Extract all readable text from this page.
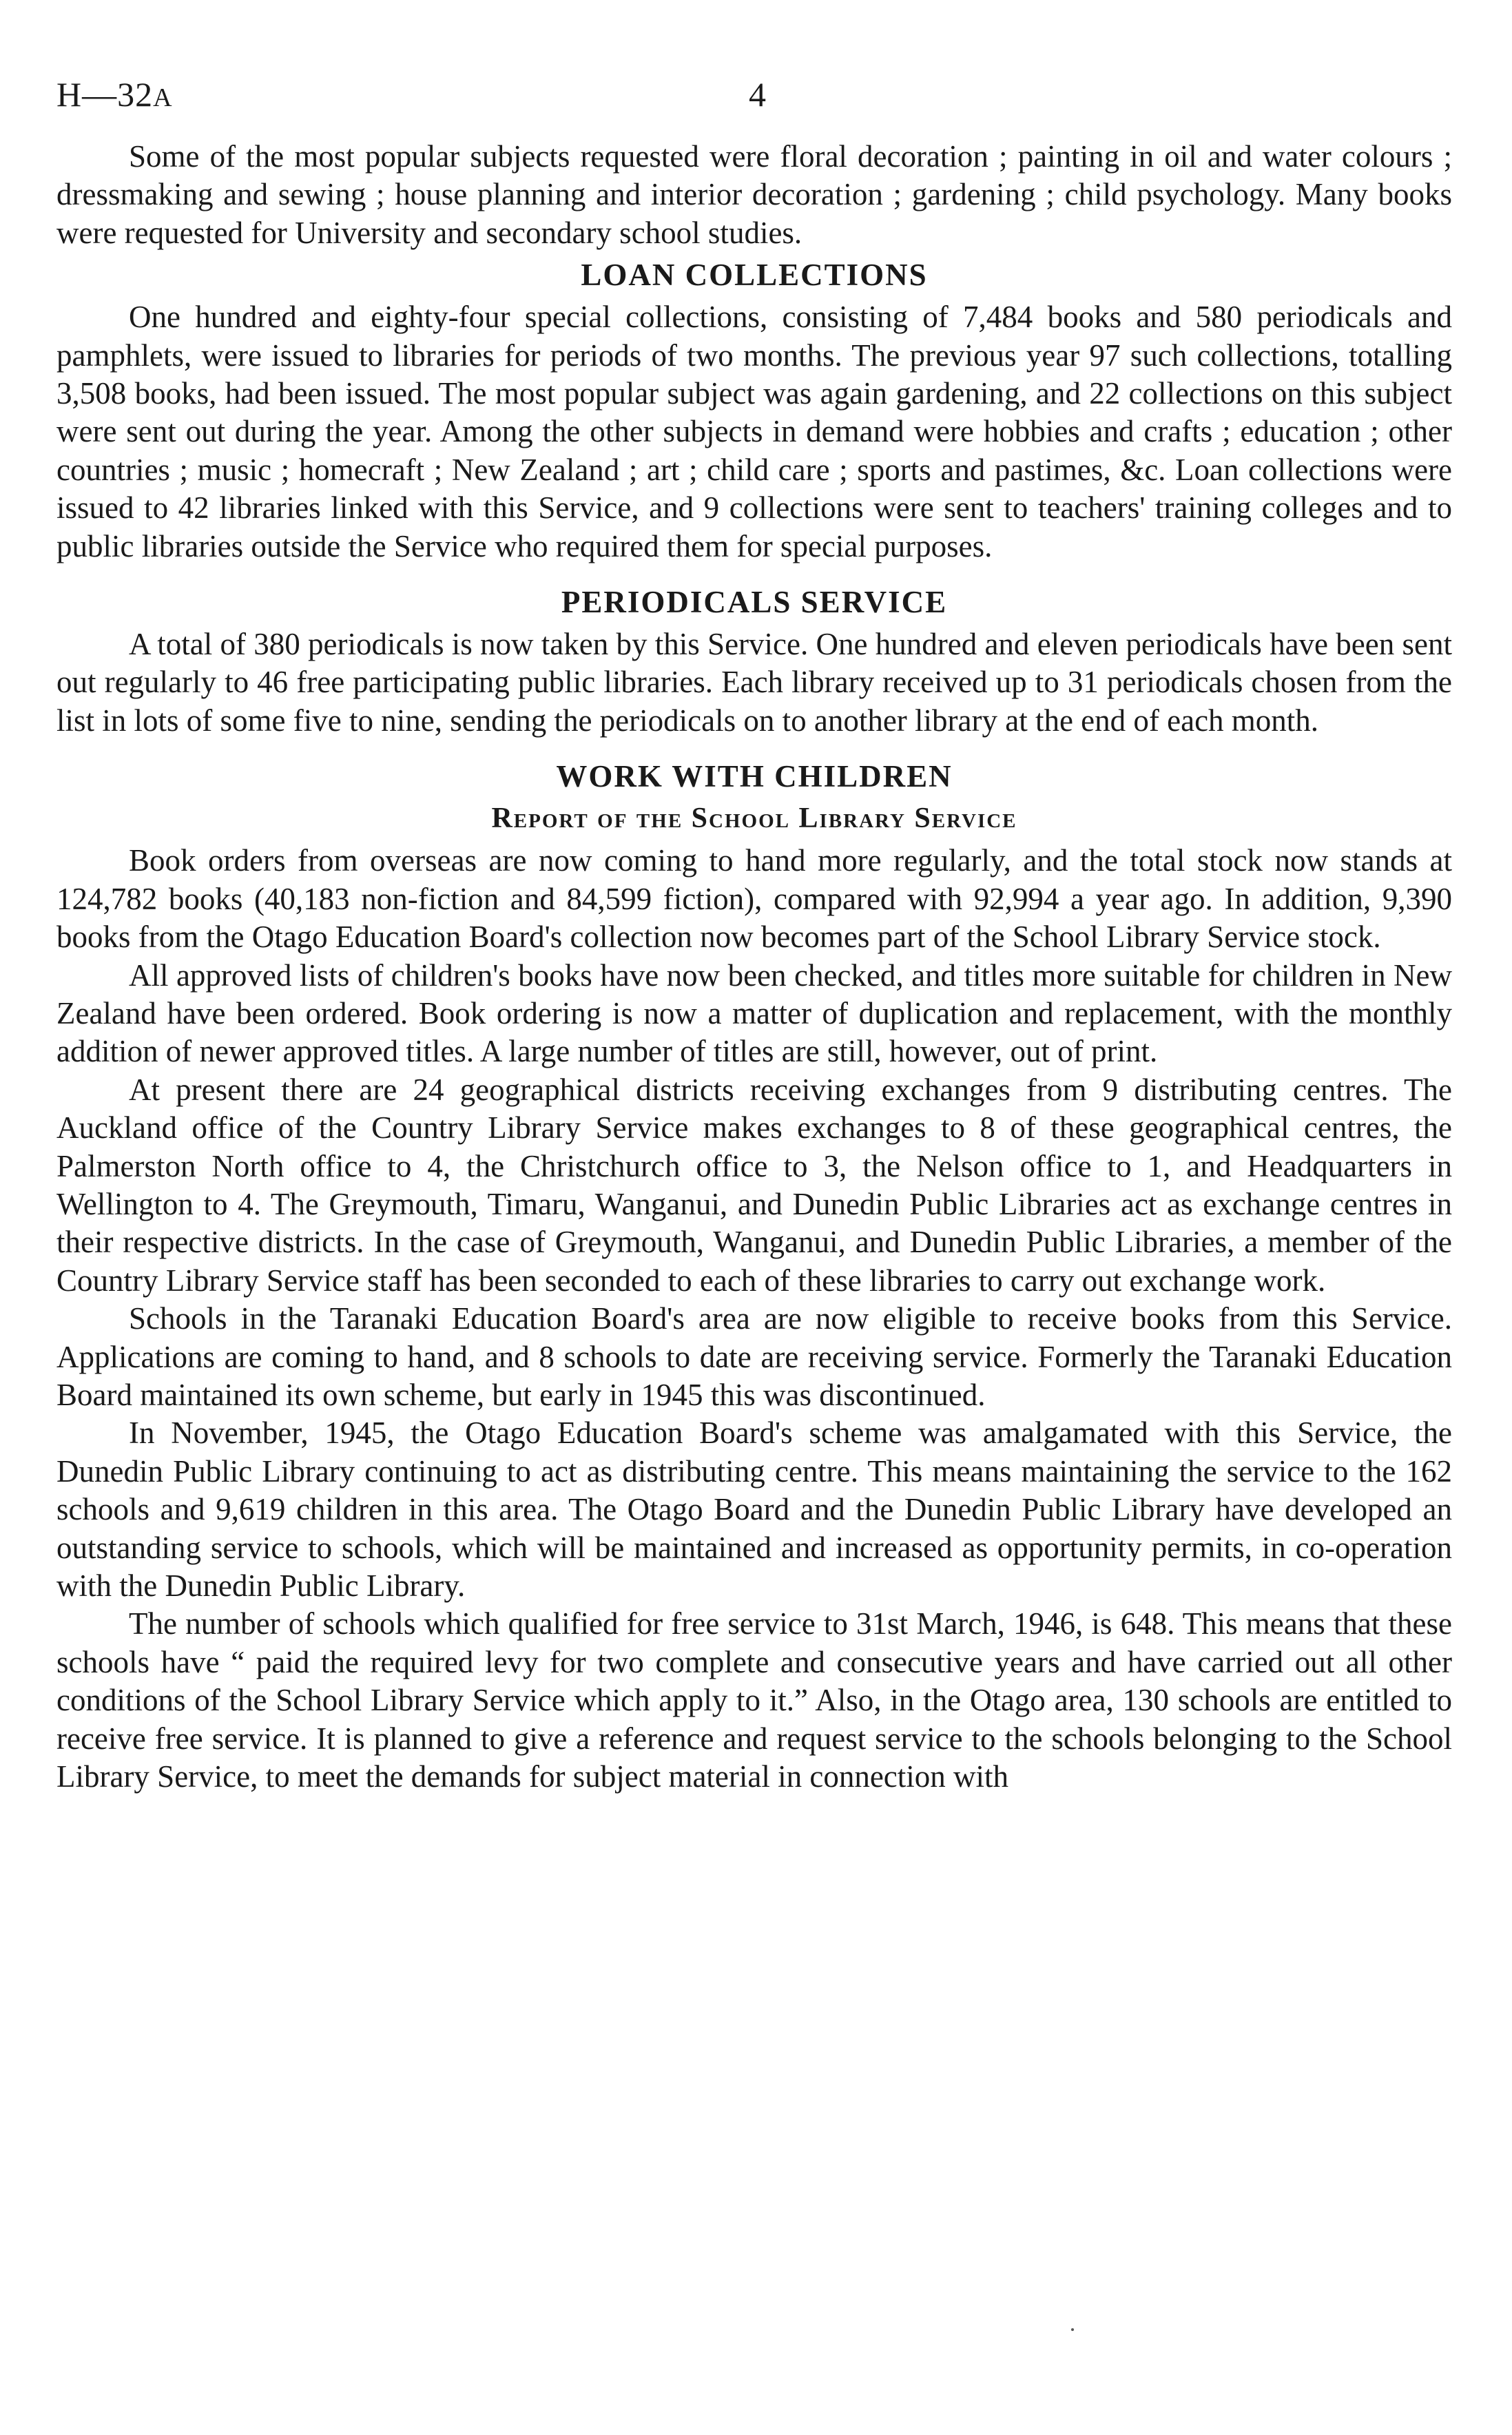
H—32A	4

Some of the most popular subjects requested were floral decoration ; painting in oil and water colours ; dressmaking and sewing ; house planning and interior decoration ; gardening ; child psychology. Many books were requested for University and secondary school studies.

LOAN COLLECTIONS

One hundred and eighty-four special collections, consisting of 7,484 books and 580 periodicals and pamphlets, were issued to libraries for periods of two months. The previous year 97 such collections, totalling 3,508 books, had been issued. The most popular subject was again gardening, and 22 collections on this subject were sent out during the year. Among the other subjects in demand were hobbies and crafts ; education ; other countries ; music ; homecraft ; New Zealand ; art ; child care ; sports and pastimes, &c. Loan collections were issued to 42 libraries linked with this Service, and 9 collections were sent to teachers' training colleges and to public libraries outside the Service who required them for special purposes.

PERIODICALS SERVICE

A total of 380 periodicals is now taken by this Service. One hundred and eleven periodicals have been sent out regularly to 46 free participating public libraries. Each library received up to 31 periodicals chosen from the list in lots of some five to nine, sending the periodicals on to another library at the end of each month.

WORK WITH CHILDREN
Report of the School Library Service

Book orders from overseas are now coming to hand more regularly, and the total stock now stands at 124,782 books (40,183 non-fiction and 84,599 fiction), compared with 92,994 a year ago. In addition, 9,390 books from the Otago Education Board's collection now becomes part of the School Library Service stock.

All approved lists of children's books have now been checked, and titles more suitable for children in New Zealand have been ordered. Book ordering is now a matter of duplication and replacement, with the monthly addition of newer approved titles. A large number of titles are still, however, out of print.

At present there are 24 geographical districts receiving exchanges from 9 distributing centres. The Auckland office of the Country Library Service makes exchanges to 8 of these geographical centres, the Palmerston North office to 4, the Christchurch office to 3, the Nelson office to 1, and Headquarters in Wellington to 4. The Greymouth, Timaru, Wanganui, and Dunedin Public Libraries act as exchange centres in their respective districts. In the case of Greymouth, Wanganui, and Dunedin Public Libraries, a member of the Country Library Service staff has been seconded to each of these libraries to carry out exchange work.

Schools in the Taranaki Education Board's area are now eligible to receive books from this Service. Applications are coming to hand, and 8 schools to date are receiving service. Formerly the Taranaki Education Board maintained its own scheme, but early in 1945 this was discontinued.

In November, 1945, the Otago Education Board's scheme was amalgamated with this Service, the Dunedin Public Library continuing to act as distributing centre. This means maintaining the service to the 162 schools and 9,619 children in this area. The Otago Board and the Dunedin Public Library have developed an outstanding service to schools, which will be maintained and increased as opportunity permits, in co-operation with the Dunedin Public Library.

The number of schools which qualified for free service to 31st March, 1946, is 648. This means that these schools have “ paid the required levy for two complete and consecutive years and have carried out all other conditions of the School Library Service which apply to it.” Also, in the Otago area, 130 schools are entitled to receive free service. It is planned to give a reference and request service to the schools belonging to the School Library Service, to meet the demands for subject material in connection with
